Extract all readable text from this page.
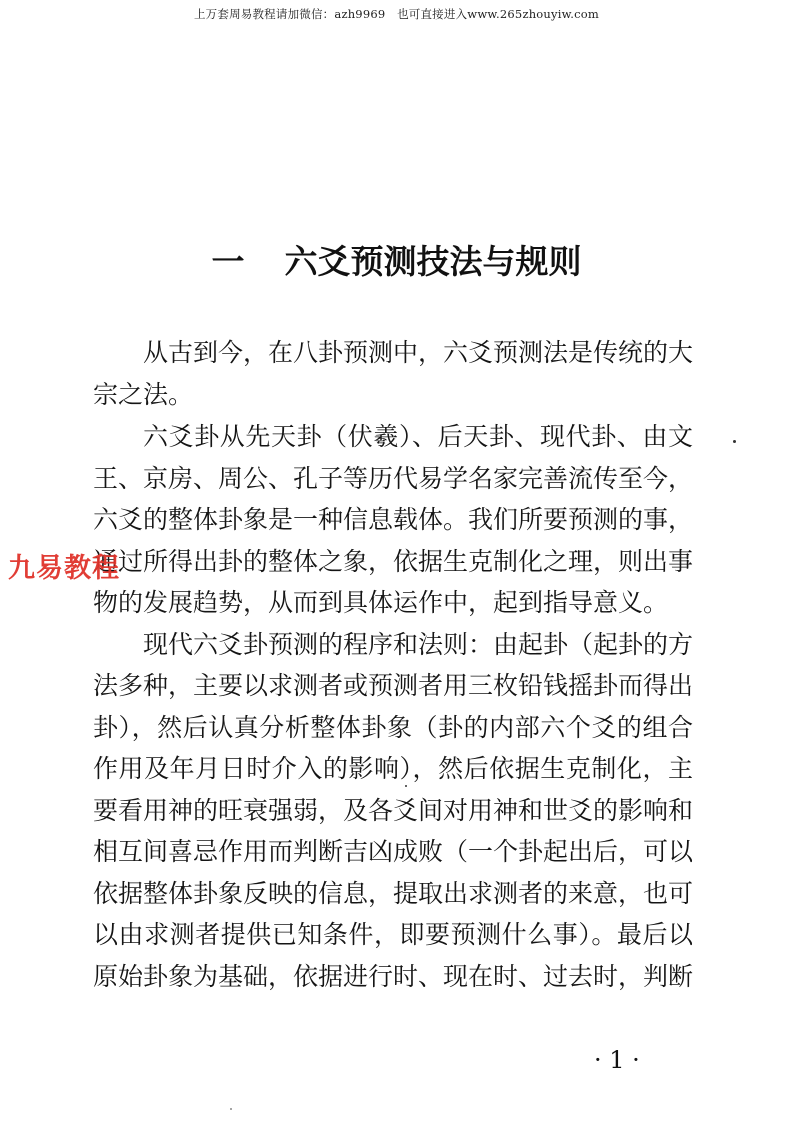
上万套周易教程请加微信：azh9969　也可直接进入www.265zhouyiw.com
一 六爻预测技法与规则

从古到今，在八卦预测中，六爻预测法是传统的大宗之法。

六爻卦从先天卦（伏羲）、后天卦、现代卦、由文王、京房、周公、孔子等历代易学名家完善流传至今，六爻的整体卦象是一种信息载体。我们所要预测的事，通过所得出卦的整体之象，依据生克制化之理，则出事物的发展趋势，从而到具体运作中，起到指导意义。

现代六爻卦预测的程序和法则：由起卦（起卦的方法多种，主要以求测者或预测者用三枚铅钱摇卦而得出卦），然后认真分析整体卦象（卦的内部六个爻的组合作用及年月日时介入的影响），然后依据生克制化，主要看用神的旺衰强弱，及各爻间对用神和世爻的影响和相互间喜忌作用而判断吉凶成败（一个卦起出后，可以依据整体卦象反映的信息，提取出求测者的来意，也可以由求测者提供已知条件，即要预测什么事）。最后以原始卦象为基础，依据进行时、现在时、过去时，判断

九易教程
· 1 ·
